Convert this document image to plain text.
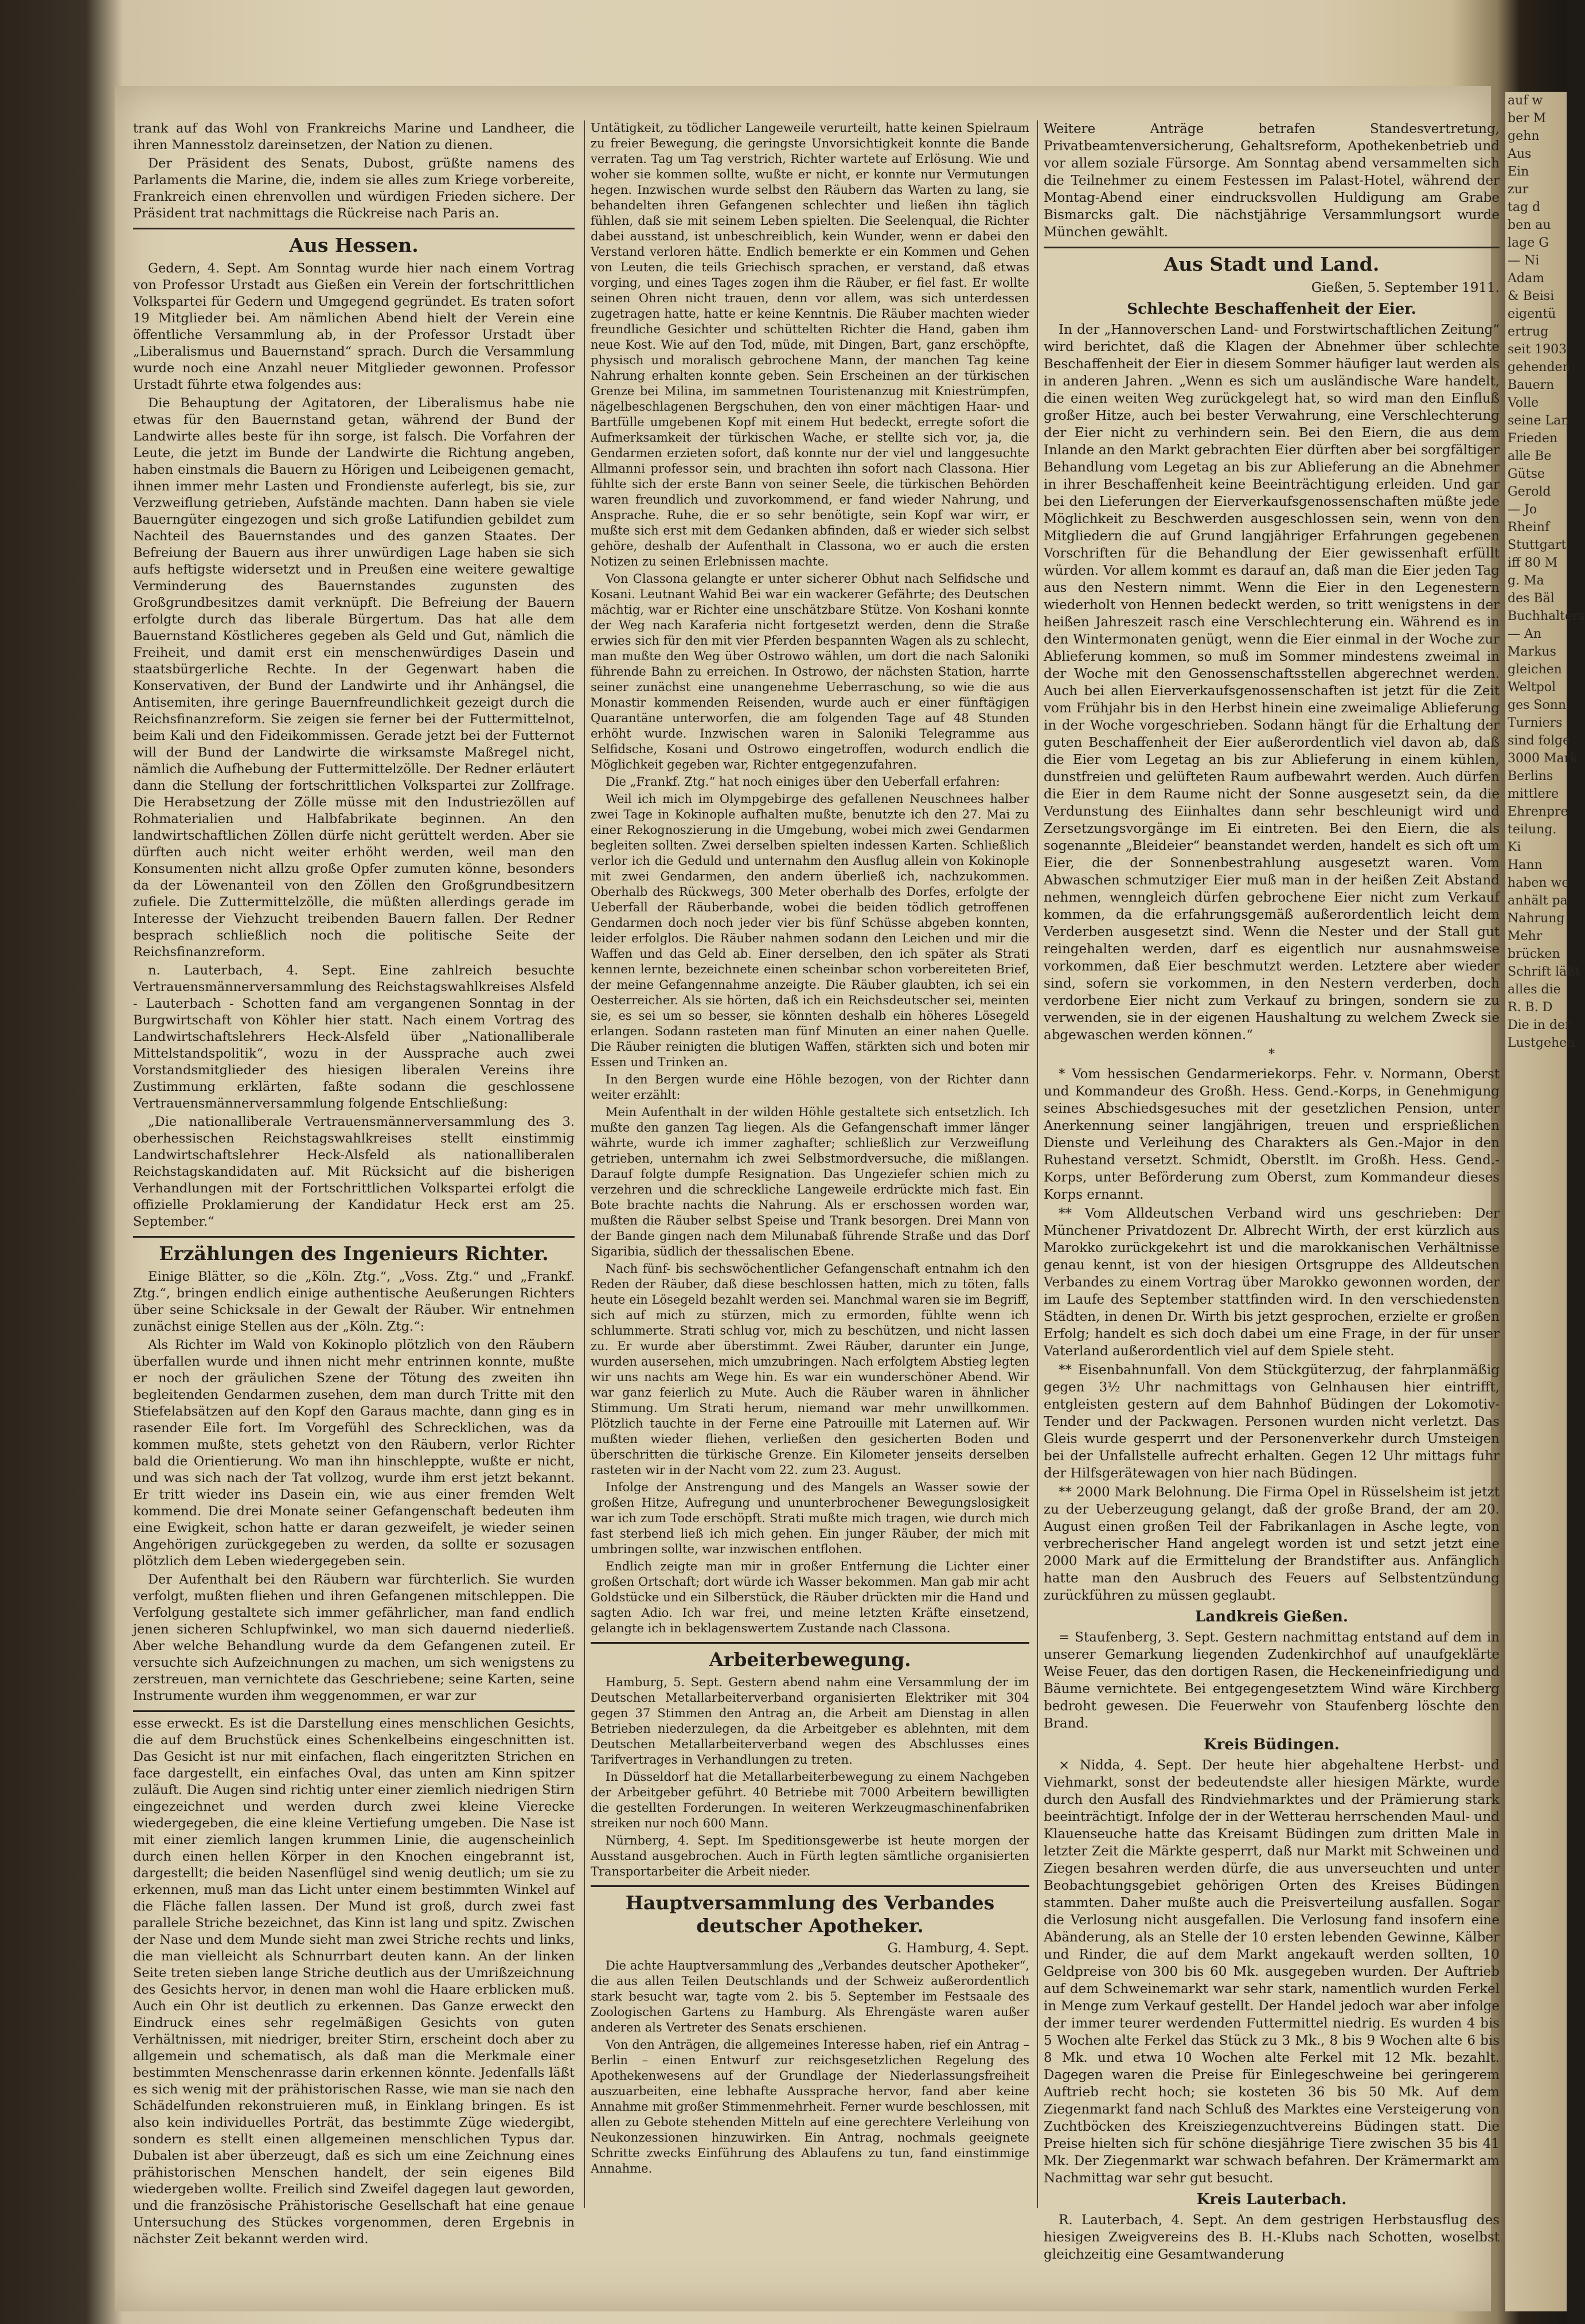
trank auf das Wohl von Frankreichs Marine und Landheer, die ihren Mannesstolz dareinsetzen, der Nation zu dienen.

Der Präsident des Senats, Dubost, grüßte namens des Parlaments die Marine, die, indem sie alles zum Kriege vorbereite, Frankreich einen ehrenvollen und würdigen Frieden sichere. Der Präsident trat nachmittags die Rückreise nach Paris an.

Aus Hessen.

Gedern, 4. Sept. Am Sonntag wurde hier nach einem Vortrag von Professor Urstadt aus Gießen ein Verein der fortschrittlichen Volkspartei für Gedern und Umgegend gegründet. Es traten sofort 19 Mitglieder bei. Am nämlichen Abend hielt der Verein eine öffentliche Versammlung ab, in der Professor Urstadt über „Liberalismus und Bauernstand“ sprach. Durch die Versammlung wurde noch eine Anzahl neuer Mitglieder gewonnen. Professor Urstadt führte etwa folgendes aus:

Die Behauptung der Agitatoren, der Liberalismus habe nie etwas für den Bauernstand getan, während der Bund der Landwirte alles beste für ihn sorge, ist falsch. Die Vorfahren der Leute, die jetzt im Bunde der Landwirte die Richtung angeben, haben einstmals die Bauern zu Hörigen und Leibeigenen gemacht, ihnen immer mehr Lasten und Frondienste auferlegt, bis sie, zur Verzweiflung getrieben, Aufstände machten. Dann haben sie viele Bauerngüter eingezogen und sich große Latifundien gebildet zum Nachteil des Bauernstandes und des ganzen Staates. Der Befreiung der Bauern aus ihrer unwürdigen Lage haben sie sich aufs heftigste widersetzt und in Preußen eine weitere gewaltige Verminderung des Bauernstandes zugunsten des Großgrundbesitzes damit verknüpft. Die Befreiung der Bauern erfolgte durch das liberale Bürgertum. Das hat alle dem Bauernstand Köstlicheres gegeben als Geld und Gut, nämlich die Freiheit, und damit erst ein menschenwürdiges Dasein und staatsbürgerliche Rechte. In der Gegenwart haben die Konservativen, der Bund der Landwirte und ihr Anhängsel, die Antisemiten, ihre geringe Bauernfreundlichkeit gezeigt durch die Reichsfinanzreform. Sie zeigen sie ferner bei der Futtermittelnot, beim Kali und den Fideikommissen. Gerade jetzt bei der Futternot will der Bund der Landwirte die wirksamste Maßregel nicht, nämlich die Aufhebung der Futtermittelzölle. Der Redner erläutert dann die Stellung der fortschrittlichen Volkspartei zur Zollfrage. Die Herabsetzung der Zölle müsse mit den Industriezöllen auf Rohmaterialien und Halbfabrikate beginnen. An den landwirtschaftlichen Zöllen dürfe nicht gerüttelt werden. Aber sie dürften auch nicht weiter erhöht werden, weil man den Konsumenten nicht allzu große Opfer zumuten könne, besonders da der Löwenanteil von den Zöllen den Großgrundbesitzern zufiele. Die Zuttermittelzölle, die müßten allerdings gerade im Interesse der Viehzucht treibenden Bauern fallen. Der Redner besprach schließlich noch die politische Seite der Reichsfinanzreform.

n. Lauterbach, 4. Sept. Eine zahlreich besuchte Vertrauensmännerversammlung des Reichstagswahlkreises Alsfeld - Lauterbach - Schotten fand am vergangenen Sonntag in der Burgwirtschaft von Köhler hier statt. Nach einem Vortrag des Landwirtschaftslehrers Heck-Alsfeld über „Nationalliberale Mittelstandspolitik“, wozu in der Aussprache auch zwei Vorstandsmitglieder des hiesigen liberalen Vereins ihre Zustimmung erklärten, faßte sodann die geschlossene Vertrauensmännerversammlung folgende Entschließung:

„Die nationalliberale Vertrauensmännerversammlung des 3. oberhessischen Reichstagswahlkreises stellt einstimmig Landwirtschaftslehrer Heck-Alsfeld als nationalliberalen Reichstagskandidaten auf. Mit Rücksicht auf die bisherigen Verhandlungen mit der Fortschrittlichen Volkspartei erfolgt die offizielle Proklamierung der Kandidatur Heck erst am 25. September.“

Erzählungen des Ingenieurs Richter.

Einige Blätter, so die „Köln. Ztg.“, „Voss. Ztg.“ und „Frankf. Ztg.“, bringen endlich einige authentische Aeußerungen Richters über seine Schicksale in der Gewalt der Räuber. Wir entnehmen zunächst einige Stellen aus der „Köln. Ztg.“:

Als Richter im Wald von Kokinoplo plötzlich von den Räubern überfallen wurde und ihnen nicht mehr entrinnen konnte, mußte er noch der gräulichen Szene der Tötung des zweiten ihn begleitenden Gendarmen zusehen, dem man durch Tritte mit den Stiefelabsätzen auf den Kopf den Garaus machte, dann ging es in rasender Eile fort. Im Vorgefühl des Schrecklichen, was da kommen mußte, stets gehetzt von den Räubern, verlor Richter bald die Orientierung. Wo man ihn hinschleppte, wußte er nicht, und was sich nach der Tat vollzog, wurde ihm erst jetzt bekannt. Er tritt wieder ins Dasein ein, wie aus einer fremden Welt kommend. Die drei Monate seiner Gefangenschaft bedeuten ihm eine Ewigkeit, schon hatte er daran gezweifelt, je wieder seinen Angehörigen zurückgegeben zu werden, da sollte er sozusagen plötzlich dem Leben wiedergegeben sein.

Der Aufenthalt bei den Räubern war fürchterlich. Sie wurden verfolgt, mußten fliehen und ihren Gefangenen mitschleppen. Die Verfolgung gestaltete sich immer gefährlicher, man fand endlich jenen sicheren Schlupfwinkel, wo man sich dauernd niederließ. Aber welche Behandlung wurde da dem Gefangenen zuteil. Er versuchte sich Aufzeichnungen zu machen, um sich wenigstens zu zerstreuen, man vernichtete das Geschriebene; seine Karten, seine Instrumente wurden ihm weggenommen, er war zur

esse erweckt. Es ist die Darstellung eines menschlichen Gesichts, die auf dem Bruchstück eines Schenkelbeins eingeschnitten ist. Das Gesicht ist nur mit einfachen, flach eingeritzten Strichen en face dargestellt, ein einfaches Oval, das unten am Kinn spitzer zuläuft. Die Augen sind richtig unter einer ziemlich niedrigen Stirn eingezeichnet und werden durch zwei kleine Vierecke wiedergegeben, die eine kleine Vertiefung umgeben. Die Nase ist mit einer ziemlich langen krummen Linie, die augenscheinlich durch einen hellen Körper in den Knochen eingebrannt ist, dargestellt; die beiden Nasenflügel sind wenig deutlich; um sie zu erkennen, muß man das Licht unter einem bestimmten Winkel auf die Fläche fallen lassen. Der Mund ist groß, durch zwei fast parallele Striche bezeichnet, das Kinn ist lang und spitz. Zwischen der Nase und dem Munde sieht man zwei Striche rechts und links, die man vielleicht als Schnurrbart deuten kann. An der linken Seite treten sieben lange Striche deutlich aus der Umrißzeichnung des Gesichts hervor, in denen man wohl die Haare erblicken muß. Auch ein Ohr ist deutlich zu erkennen. Das Ganze erweckt den Eindruck eines sehr regelmäßigen Gesichts von guten Verhältnissen, mit niedriger, breiter Stirn, erscheint doch aber zu allgemein und schematisch, als daß man die Merkmale einer bestimmten Menschenrasse darin erkennen könnte. Jedenfalls läßt es sich wenig mit der prähistorischen Rasse, wie man sie nach den Schädelfunden rekonstruieren muß, in Einklang bringen. Es ist also kein individuelles Porträt, das bestimmte Züge wiedergibt, sondern es stellt einen allgemeinen menschlichen Typus dar. Dubalen ist aber überzeugt, daß es sich um eine Zeichnung eines prähistorischen Menschen handelt, der sein eigenes Bild wiedergeben wollte. Freilich sind Zweifel dagegen laut geworden, und die französische Prähistorische Gesellschaft hat eine genaue Untersuchung des Stückes vorgenommen, deren Ergebnis in nächster Zeit bekannt werden wird.

Untätigkeit, zu tödlicher Langeweile verurteilt, hatte keinen Spielraum zu freier Bewegung, die geringste Unvorsichtigkeit konnte die Bande verraten. Tag um Tag verstrich, Richter wartete auf Erlösung. Wie und woher sie kommen sollte, wußte er nicht, er konnte nur Vermutungen hegen. Inzwischen wurde selbst den Räubern das Warten zu lang, sie behandelten ihren Gefangenen schlechter und ließen ihn täglich fühlen, daß sie mit seinem Leben spielten. Die Seelenqual, die Richter dabei ausstand, ist unbeschreiblich, kein Wunder, wenn er dabei den Verstand verloren hätte. Endlich bemerkte er ein Kommen und Gehen von Leuten, die teils Griechisch sprachen, er verstand, daß etwas vorging, und eines Tages zogen ihm die Räuber, er fiel fast. Er wollte seinen Ohren nicht trauen, denn vor allem, was sich unterdessen zugetragen hatte, hatte er keine Kenntnis. Die Räuber machten wieder freundliche Gesichter und schüttelten Richter die Hand, gaben ihm neue Kost. Wie auf den Tod, müde, mit Dingen, Bart, ganz erschöpfte, physisch und moralisch gebrochene Mann, der manchen Tag keine Nahrung erhalten konnte geben. Sein Erscheinen an der türkischen Grenze bei Milina, im sammetnen Touristenanzug mit Kniestrümpfen, nägelbeschlagenen Bergschuhen, den von einer mächtigen Haar- und Bartfülle umgebenen Kopf mit einem Hut bedeckt, erregte sofort die Aufmerksamkeit der türkischen Wache, er stellte sich vor, ja, die Gendarmen erzieten sofort, daß konnte nur der viel und langgesuchte Allmanni professor sein, und brachten ihn sofort nach Classona. Hier fühlte sich der erste Bann von seiner Seele, die türkischen Behörden waren freundlich und zuvorkommend, er fand wieder Nahrung, und Ansprache. Ruhe, die er so sehr benötigte, sein Kopf war wirr, er mußte sich erst mit dem Gedanken abfinden, daß er wieder sich selbst gehöre, deshalb der Aufenthalt in Classona, wo er auch die ersten Notizen zu seinen Erlebnissen machte.

Von Classona gelangte er unter sicherer Obhut nach Selfidsche und Kosani. Leutnant Wahid Bei war ein wackerer Gefährte; des Deutschen mächtig, war er Richter eine unschätzbare Stütze. Von Koshani konnte der Weg nach Karaferia nicht fortgesetzt werden, denn die Straße erwies sich für den mit vier Pferden bespannten Wagen als zu schlecht, man mußte den Weg über Ostrowo wählen, um dort die nach Saloniki führende Bahn zu erreichen. In Ostrowo, der nächsten Station, harrte seiner zunächst eine unangenehme Ueberraschung, so wie die aus Monastir kommenden Reisenden, wurde auch er einer fünftägigen Quarantäne unterworfen, die am folgenden Tage auf 48 Stunden erhöht wurde. Inzwischen waren in Saloniki Telegramme aus Selfidsche, Kosani und Ostrowo eingetroffen, wodurch endlich die Möglichkeit gegeben war, Richter entgegenzufahren.

Die „Frankf. Ztg.“ hat noch einiges über den Ueberfall erfahren:

Weil ich mich im Olympgebirge des gefallenen Neuschnees halber zwei Tage in Kokinople aufhalten mußte, benutzte ich den 27. Mai zu einer Rekognoszierung in die Umgebung, wobei mich zwei Gendarmen begleiten sollten. Zwei derselben spielten indessen Karten. Schließlich verlor ich die Geduld und unternahm den Ausflug allein von Kokinople mit zwei Gendarmen, den andern überließ ich, nachzukommen. Oberhalb des Rückwegs, 300 Meter oberhalb des Dorfes, erfolgte der Ueberfall der Räuberbande, wobei die beiden tödlich getroffenen Gendarmen doch noch jeder vier bis fünf Schüsse abgeben konnten, leider erfolglos. Die Räuber nahmen sodann den Leichen und mir die Waffen und das Geld ab. Einer derselben, den ich später als Strati kennen lernte, bezeichnete einen scheinbar schon vorbereiteten Brief, der meine Gefangennahme anzeigte. Die Räuber glaubten, ich sei ein Oesterreicher. Als sie hörten, daß ich ein Reichsdeutscher sei, meinten sie, es sei um so besser, sie könnten deshalb ein höheres Lösegeld erlangen. Sodann rasteten man fünf Minuten an einer nahen Quelle. Die Räuber reinigten die blutigen Waffen, stärkten sich und boten mir Essen und Trinken an.

In den Bergen wurde eine Höhle bezogen, von der Richter dann weiter erzählt:

Mein Aufenthalt in der wilden Höhle gestaltete sich entsetzlich. Ich mußte den ganzen Tag liegen. Als die Gefangenschaft immer länger währte, wurde ich immer zaghafter; schließlich zur Verzweiflung getrieben, unternahm ich zwei Selbstmordversuche, die mißlangen. Darauf folgte dumpfe Resignation. Das Ungeziefer schien mich zu verzehren und die schreckliche Langeweile erdrückte mich fast. Ein Bote brachte nachts die Nahrung. Als er erschossen worden war, mußten die Räuber selbst Speise und Trank besorgen. Drei Mann von der Bande gingen nach dem Milunabaß führende Straße und das Dorf Sigaribia, südlich der thessalischen Ebene.

Nach fünf- bis sechswöchentlicher Gefangenschaft entnahm ich den Reden der Räuber, daß diese beschlossen hatten, mich zu töten, falls heute ein Lösegeld bezahlt werden sei. Manchmal waren sie im Begriff, sich auf mich zu stürzen, mich zu ermorden, fühlte wenn ich schlummerte. Strati schlug vor, mich zu beschützen, und nicht lassen zu. Er wurde aber überstimmt. Zwei Räuber, darunter ein Junge, wurden ausersehen, mich umzubringen. Nach erfolgtem Abstieg legten wir uns nachts am Wege hin. Es war ein wunderschöner Abend. Wir war ganz feierlich zu Mute. Auch die Räuber waren in ähnlicher Stimmung. Um Strati herum, niemand war mehr unwillkommen. Plötzlich tauchte in der Ferne eine Patrouille mit Laternen auf. Wir mußten wieder fliehen, verließen den gesicherten Boden und überschritten die türkische Grenze. Ein Kilometer jenseits derselben rasteten wir in der Nacht vom 22. zum 23. August.

Infolge der Anstrengung und des Mangels an Wasser sowie der großen Hitze, Aufregung und ununterbrochener Bewegungslosigkeit war ich zum Tode erschöpft. Strati mußte mich tragen, wie durch mich fast sterbend ließ ich mich gehen. Ein junger Räuber, der mich mit umbringen sollte, war inzwischen entflohen.

Endlich zeigte man mir in großer Entfernung die Lichter einer großen Ortschaft; dort würde ich Wasser bekommen. Man gab mir acht Goldstücke und ein Silberstück, die Räuber drückten mir die Hand und sagten Adio. Ich war frei, und meine letzten Kräfte einsetzend, gelangte ich in beklagenswertem Zustande nach Classona.

Arbeiterbewegung.

Hamburg, 5. Sept. Gestern abend nahm eine Versammlung der im Deutschen Metallarbeiterverband organisierten Elektriker mit 304 gegen 37 Stimmen den Antrag an, die Arbeit am Dienstag in allen Betrieben niederzulegen, da die Arbeitgeber es ablehnten, mit dem Deutschen Metallarbeiterverband wegen des Abschlusses eines Tarifvertrages in Verhandlungen zu treten.

In Düsseldorf hat die Metallarbeiterbewegung zu einem Nachgeben der Arbeitgeber geführt. 40 Betriebe mit 7000 Arbeitern bewilligten die gestellten Forderungen. In weiteren Werkzeugmaschinenfabriken streiken nur noch 600 Mann.

Nürnberg, 4. Sept. Im Speditionsgewerbe ist heute morgen der Ausstand ausgebrochen. Auch in Fürth legten sämtliche organisierten Transportarbeiter die Arbeit nieder.

Hauptversammlung des Verbandes deutscher Apotheker.

G. Hamburg, 4. Sept.

Die achte Hauptversammlung des „Verbandes deutscher Apotheker“, die aus allen Teilen Deutschlands und der Schweiz außerordentlich stark besucht war, tagte vom 2. bis 5. September im Festsaale des Zoologischen Gartens zu Hamburg. Als Ehrengäste waren außer anderen als Vertreter des Senats erschienen.

Von den Anträgen, die allgemeines Interesse haben, rief ein Antrag – Berlin – einen Entwurf zur reichsgesetzlichen Regelung des Apothekenwesens auf der Grundlage der Niederlassungsfreiheit auszuarbeiten, eine lebhafte Aussprache hervor, fand aber keine Annahme mit großer Stimmenmehrheit. Ferner wurde beschlossen, mit allen zu Gebote stehenden Mitteln auf eine gerechtere Verleihung von Neukonzessionen hinzuwirken. Ein Antrag, nochmals geeignete Schritte zwecks Einführung des Ablaufens zu tun, fand einstimmige Annahme.

Weitere Anträge betrafen Standesvertretung, Privatbeamtenversicherung, Gehaltsreform, Apothekenbetrieb und vor allem soziale Fürsorge. Am Sonntag abend versammelten sich die Teilnehmer zu einem Festessen im Palast-Hotel, während der Montag-Abend einer eindrucksvollen Huldigung am Grabe Bismarcks galt. Die nächstjährige Versammlungsort wurde München gewählt.

Aus Stadt und Land.

Gießen, 5. September 1911.

Schlechte Beschaffenheit der Eier.

In der „Hannoverschen Land- und Forstwirtschaftlichen Zeitung“ wird berichtet, daß die Klagen der Abnehmer über schlechte Beschaffenheit der Eier in diesem Sommer häufiger laut werden als in anderen Jahren. „Wenn es sich um ausländische Ware handelt, die einen weiten Weg zurückgelegt hat, so wird man den Einfluß großer Hitze, auch bei bester Verwahrung, eine Verschlechterung der Eier nicht zu verhindern sein. Bei den Eiern, die aus dem Inlande an den Markt gebrachten Eier dürften aber bei sorgfältiger Behandlung vom Legetag an bis zur Ablieferung an die Abnehmer in ihrer Beschaffenheit keine Beeinträchtigung erleiden. Und gar bei den Lieferungen der Eierverkaufsgenossenschaften müßte jede Möglichkeit zu Beschwerden ausgeschlossen sein, wenn von den Mitgliedern die auf Grund langjähriger Erfahrungen gegebenen Vorschriften für die Behandlung der Eier gewissenhaft erfüllt würden. Vor allem kommt es darauf an, daß man die Eier jeden Tag aus den Nestern nimmt. Wenn die Eier in den Legenestern wiederholt von Hennen bedeckt werden, so tritt wenigstens in der heißen Jahreszeit rasch eine Verschlechterung ein. Während es in den Wintermonaten genügt, wenn die Eier einmal in der Woche zur Ablieferung kommen, so muß im Sommer mindestens zweimal in der Woche mit den Genossenschaftsstellen abgerechnet werden. Auch bei allen Eierverkaufsgenossenschaften ist jetzt für die Zeit vom Frühjahr bis in den Herbst hinein eine zweimalige Ablieferung in der Woche vorgeschrieben. Sodann hängt für die Erhaltung der guten Beschaffenheit der Eier außerordentlich viel davon ab, daß die Eier vom Legetag an bis zur Ablieferung in einem kühlen, dunstfreien und gelüfteten Raum aufbewahrt werden. Auch dürfen die Eier in dem Raume nicht der Sonne ausgesetzt sein, da die Verdunstung des Eiinhaltes dann sehr beschleunigt wird und Zersetzungsvorgänge im Ei eintreten. Bei den Eiern, die als sogenannte „Bleideier“ beanstandet werden, handelt es sich oft um Eier, die der Sonnenbestrahlung ausgesetzt waren. Vom Abwaschen schmutziger Eier muß man in der heißen Zeit Abstand nehmen, wenngleich dürfen gebrochene Eier nicht zum Verkauf kommen, da die erfahrungsgemäß außerordentlich leicht dem Verderben ausgesetzt sind. Wenn die Nester und der Stall gut reingehalten werden, darf es eigentlich nur ausnahmsweise vorkommen, daß Eier beschmutzt werden. Letztere aber wieder sind, sofern sie vorkommen, in den Nestern verderben, doch verdorbene Eier nicht zum Verkauf zu bringen, sondern sie zu verwenden, sie in der eigenen Haushaltung zu welchem Zweck sie abgewaschen werden können.“

*

* Vom hessischen Gendarmeriekorps. Fehr. v. Normann, Oberst und Kommandeur des Großh. Hess. Gend.-Korps, in Genehmigung seines Abschiedsgesuches mit der gesetzlichen Pension, unter Anerkennung seiner langjährigen, treuen und ersprießlichen Dienste und Verleihung des Charakters als Gen.-Major in den Ruhestand versetzt. Schmidt, Oberstlt. im Großh. Hess. Gend.-Korps, unter Beförderung zum Oberst, zum Kommandeur dieses Korps ernannt.

** Vom Alldeutschen Verband wird uns geschrieben: Der Münchener Privatdozent Dr. Albrecht Wirth, der erst kürzlich aus Marokko zurückgekehrt ist und die marokkanischen Verhältnisse genau kennt, ist von der hiesigen Ortsgruppe des Alldeutschen Verbandes zu einem Vortrag über Marokko gewonnen worden, der im Laufe des September stattfinden wird. In den verschiedensten Städten, in denen Dr. Wirth bis jetzt gesprochen, erzielte er großen Erfolg; handelt es sich doch dabei um eine Frage, in der für unser Vaterland außerordentlich viel auf dem Spiele steht.

** Eisenbahnunfall. Von dem Stückgüterzug, der fahrplanmäßig gegen 3½ Uhr nachmittags von Gelnhausen hier eintrifft, entgleisten gestern auf dem Bahnhof Büdingen der Lokomotiv-Tender und der Packwagen. Personen wurden nicht verletzt. Das Gleis wurde gesperrt und der Personenverkehr durch Umsteigen bei der Unfallstelle aufrecht erhalten. Gegen 12 Uhr mittags fuhr der Hilfsgerätewagen von hier nach Büdingen.

** 2000 Mark Belohnung. Die Firma Opel in Rüsselsheim ist jetzt zu der Ueberzeugung gelangt, daß der große Brand, der am 20. August einen großen Teil der Fabrikanlagen in Asche legte, von verbrecherischer Hand angelegt worden ist und setzt jetzt eine 2000 Mark auf die Ermittelung der Brandstifter aus. Anfänglich hatte man den Ausbruch des Feuers auf Selbstentzündung zurückführen zu müssen geglaubt.

Landkreis Gießen.

= Staufenberg, 3. Sept. Gestern nachmittag entstand auf dem in unserer Gemarkung liegenden Zudenkirchhof auf unaufgeklärte Weise Feuer, das den dortigen Rasen, die Heckeneinfriedigung und Bäume vernichtete. Bei entgegengesetztem Wind wäre Kirchberg bedroht gewesen. Die Feuerwehr von Staufenberg löschte den Brand.

Kreis Büdingen.

× Nidda, 4. Sept. Der heute hier abgehaltene Herbst- und Viehmarkt, sonst der bedeutendste aller hiesigen Märkte, wurde durch den Ausfall des Rindviehmarktes und der Prämierung stark beeinträchtigt. Infolge der in der Wetterau herrschenden Maul- und Klauenseuche hatte das Kreisamt Büdingen zum dritten Male in letzter Zeit die Märkte gesperrt, daß nur Markt mit Schweinen und Ziegen besahren werden dürfe, die aus unverseuchten und unter Beobachtungsgebiet gehörigen Orten des Kreises Büdingen stammten. Daher mußte auch die Preisverteilung ausfallen. Sogar die Verlosung nicht ausgefallen. Die Verlosung fand insofern eine Abänderung, als an Stelle der 10 ersten lebenden Gewinne, Kälber und Rinder, die auf dem Markt angekauft werden sollten, 10 Geldpreise von 300 bis 60 Mk. ausgegeben wurden. Der Auftrieb auf dem Schweinemarkt war sehr stark, namentlich wurden Ferkel in Menge zum Verkauf gestellt. Der Handel jedoch war aber infolge der immer teurer werdenden Futtermittel niedrig. Es wurden 4 bis 5 Wochen alte Ferkel das Stück zu 3 Mk., 8 bis 9 Wochen alte 6 bis 8 Mk. und etwa 10 Wochen alte Ferkel mit 12 Mk. bezahlt. Dagegen waren die Preise für Einlegeschweine bei geringerem Auftrieb recht hoch; sie kosteten 36 bis 50 Mk. Auf dem Ziegenmarkt fand nach Schluß des Marktes eine Versteigerung von Zuchtböcken des Kreisziegenzuchtvereins Büdingen statt. Die Preise hielten sich für schöne diesjährige Tiere zwischen 35 bis 41 Mk. Der Ziegenmarkt war schwach befahren. Der Krämermarkt am Nachmittag war sehr gut besucht.

Kreis Lauterbach.

R. Lauterbach, 4. Sept. An dem gestrigen Herbstausflug des hiesigen Zweigvereins des B. H.-Klubs nach Schotten, woselbst gleichzeitig eine Gesamtwanderung

auf w

ber M

gehn

Aus

Ein

zur

tag d

ben au

lage G

— Ni

Adam

& Beisi

eigentü

ertrug

seit 1903

gehenden

Bauern

Volle

seine Lan

Frieden

alle Be

Gütse

Gerold

— Jo

Rheinf

Stuttgart

iff 80 M

g. Ma

des Bäl

Buchhalters

— An

Markus

gleichen

Weltpol

ges Sonn

Turniers

sind folge

3000 Mark

Berlins

mittlere

Ehrenpre

teilung.

Ki

Hann

haben we

anhält pa

Nahrung

Mehr

brücken

Schrift läßt

alles die

R. B. D

Die in der

Lustgehen
